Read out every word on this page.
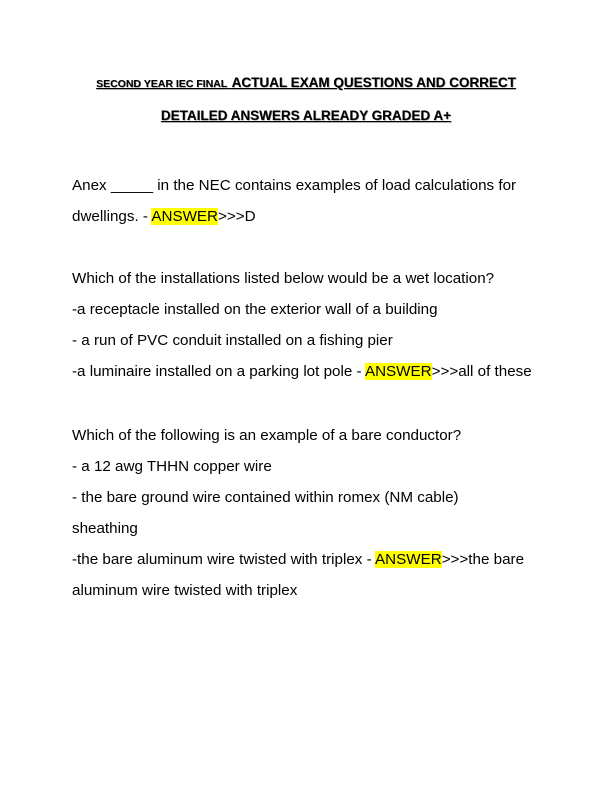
SECOND YEAR IEC FINAL ACTUAL EXAM QUESTIONS AND CORRECT
DETAILED ANSWERS ALREADY GRADED A+
Anex _____ in the NEC contains examples of load calculations for
dwellings. - ANSWER>>>D
Which of the installations listed below would be a wet location?
-a receptacle installed on the exterior wall of a building
- a run of PVC conduit installed on a fishing pier
-a luminaire installed on a parking lot pole - ANSWER>>>all of these
Which of the following is an example of a bare conductor?
- a 12 awg THHN copper wire
- the bare ground wire contained within romex (NM cable)
sheathing
-the bare aluminum wire twisted with triplex - ANSWER>>>the bare
aluminum wire twisted with triplex
